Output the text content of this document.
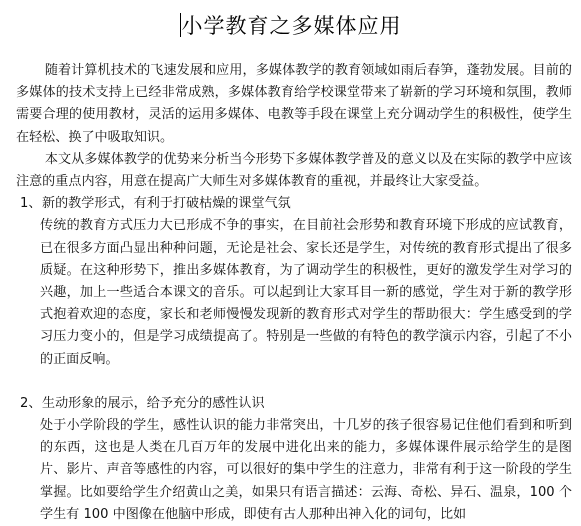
小学教育之多媒体应用

随着计算机技术的飞速发展和应用，多媒体教学的教育领域如雨后春笋，蓬勃发展。目前的多媒体的技术支持上已经非常成熟，多媒体教育给学校课堂带来了崭新的学习环境和氛围，教师需要合理的使用教材，灵活的运用多媒体、电教等手段在课堂上充分调动学生的积极性，使学生在轻松、换了中吸取知识。

本文从多媒体教学的优势来分析当今形势下多媒体教学普及的意义以及在实际的教学中应该注意的重点内容，用意在提高广大师生对多媒体教育的重视，并最终让大家受益。

1、 新的教学形式，有利于打破枯燥的课堂气氛

传统的教育方式压力大已形成不争的事实，在目前社会形势和教育环境下形成的应试教育，已在很多方面凸显出种种问题，无论是社会、家长还是学生，对传统的教育形式提出了很多质疑。在这种形势下，推出多媒体教育，为了调动学生的积极性，更好的激发学生对学习的兴趣，加上一些适合本课文的音乐。可以起到让大家耳目一新的感觉，学生对于新的教学形式抱着欢迎的态度，家长和老师慢慢发现新的教育形式对学生的帮助很大：学生感受到的学习压力变小的，但是学习成绩提高了。特别是一些做的有特色的教学演示内容，引起了不小的正面反响。

2、 生动形象的展示，给予充分的感性认识

处于小学阶段的学生，感性认识的能力非常突出，十几岁的孩子很容易记住他们看到和听到的东西，这也是人类在几百万年的发展中进化出来的能力，多媒体课件展示给学生的是图片、影片、声音等感性的内容，可以很好的集中学生的注意力，非常有利于这一阶段的学生掌握。比如要给学生介绍黄山之美，如果只有语言描述：云海、奇松、异石、温泉，100 个学生有 100 中图像在他脑中形成，即使有古人那种出神入化的词句，比如
